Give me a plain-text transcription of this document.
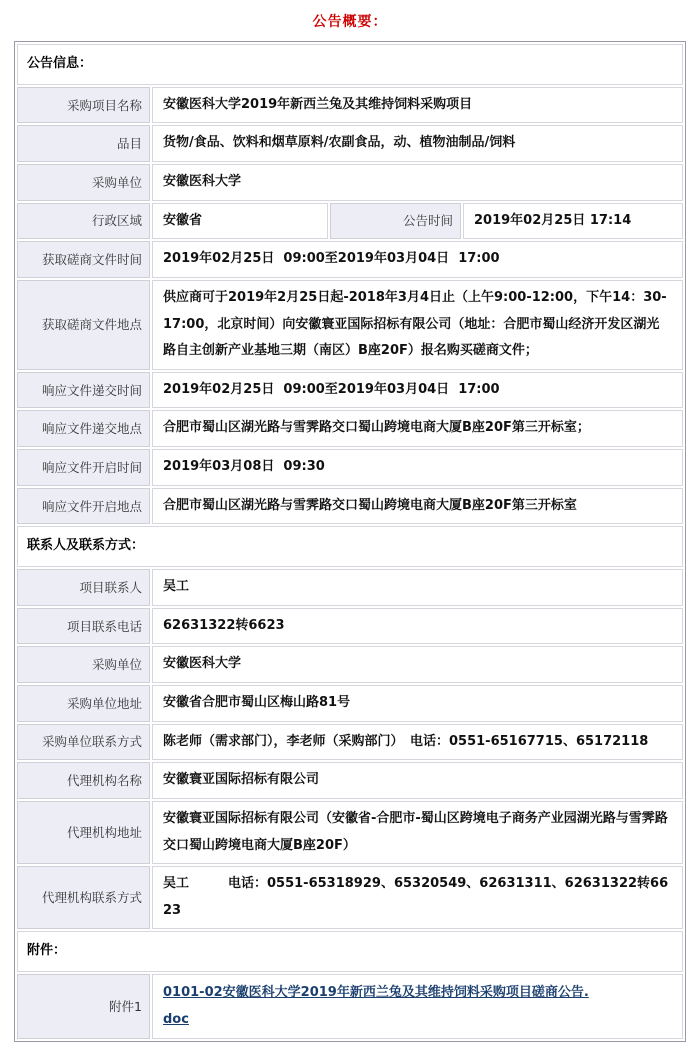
公告概要：
公告信息：			
采购项目名称	安徽医科大学2019年新西兰兔及其维持饲料采购项目		
品目	货物/食品、饮料和烟草原料/农副食品，动、植物油制品/饲料		
采购单位	安徽医科大学		
行政区域	安徽省	公告时间	2019年02月25日 17:14
获取磋商文件时间	2019年02月25日  09:00至2019年03月04日  17:00		
获取磋商文件地点	供应商可于2019年2月25日起-2018年3月4日止（上午9:00-12:00，下午14：30-17:00，北京时间）向安徽寰亚国际招标有限公司（地址：合肥市蜀山经济开发区湖光路自主创新产业基地三期（南区）B座20F）报名购买磋商文件；		
响应文件递交时间	2019年02月25日  09:00至2019年03月04日  17:00		
响应文件递交地点	合肥市蜀山区湖光路与雪霁路交口蜀山跨境电商大厦B座20F第三开标室；		
响应文件开启时间	2019年03月08日  09:30		
响应文件开启地点	合肥市蜀山区湖光路与雪霁路交口蜀山跨境电商大厦B座20F第三开标室		
联系人及联系方式：			
项目联系人	吴工		
项目联系电话	62631322转6623		
采购单位	安徽医科大学		
采购单位地址	安徽省合肥市蜀山区梅山路81号		
采购单位联系方式	陈老师（需求部门），李老师（采购部门）　电话：0551-65167715、65172118		
代理机构名称	安徽寰亚国际招标有限公司		
代理机构地址	安徽寰亚国际招标有限公司（安徽省-合肥市-蜀山区跨境电子商务产业园湖光路与雪霁路交口蜀山跨境电商大厦B座20F）		
代理机构联系方式	吴工　　　电话：0551-65318929、65320549、62631311、62631322转6623		
附件：			
附件1	0101-02安徽医科大学2019年新西兰兔及其维持饲料采购项目磋商公告.doc		
